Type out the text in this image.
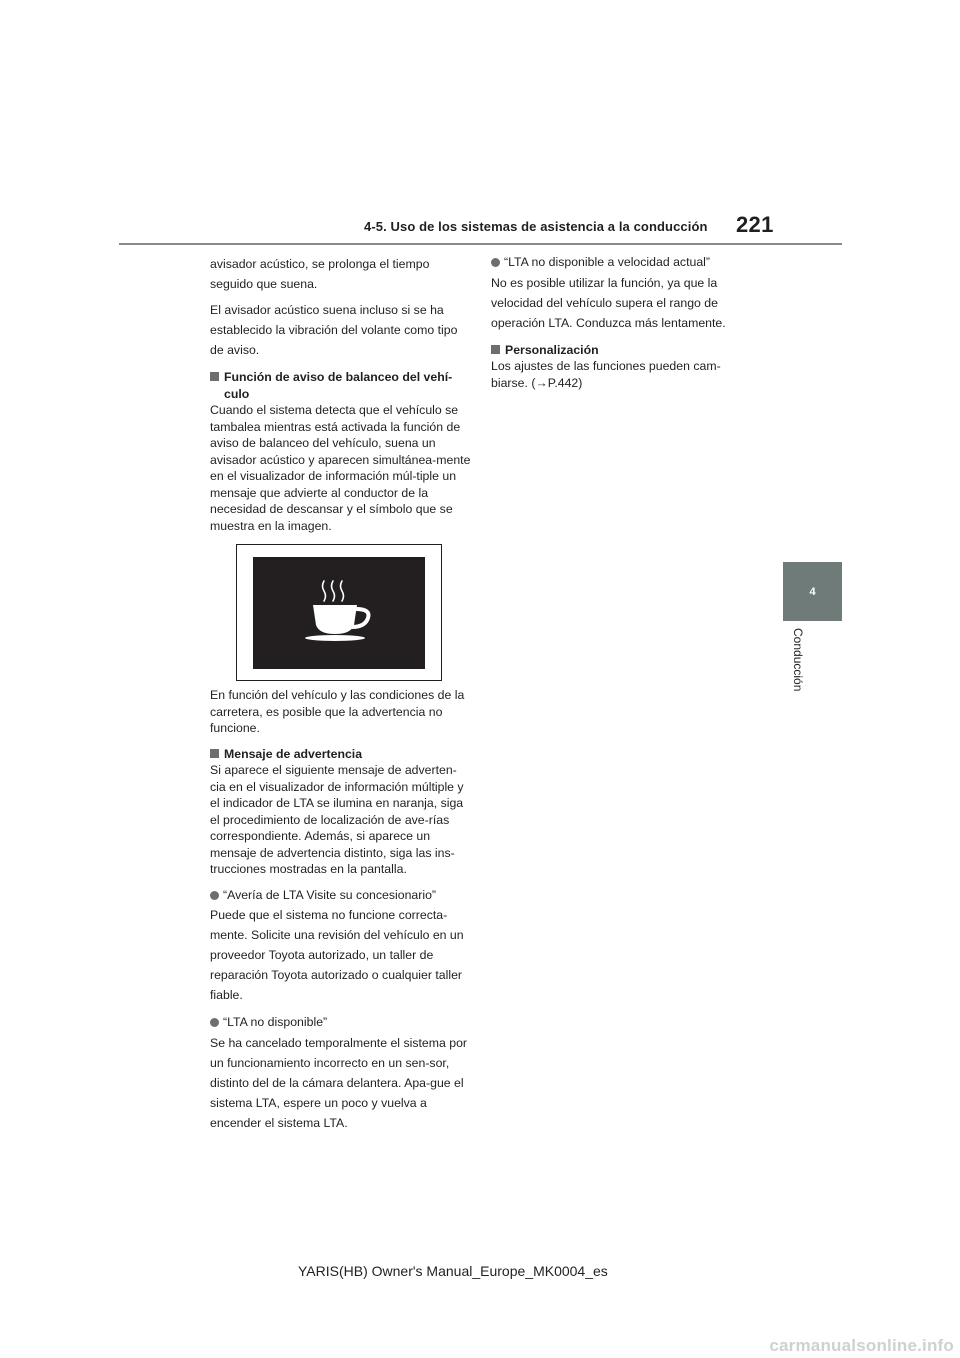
4-5. Uso de los sistemas de asistencia a la conducción 221
4
Conducción

avisador acústico, se prolonga el tiempo seguido que suena.

El avisador acústico suena incluso si se ha establecido la vibración del volante como tipo de aviso.

Función de aviso de balanceo del vehí-culo

Cuando el sistema detecta que el vehículo se tambalea mientras está activada la función de aviso de balanceo del vehículo, suena un avisador acústico y aparecen simultánea-mente en el visualizador de información múl-tiple un mensaje que advierte al conductor de la necesidad de descansar y el símbolo que se muestra en la imagen.

En función del vehículo y las condiciones de la carretera, es posible que la advertencia no funcione.

Mensaje de advertencia

Si aparece el siguiente mensaje de adverten-cia en el visualizador de información múltiple y el indicador de LTA se ilumina en naranja, siga el procedimiento de localización de ave-rías correspondiente. Además, si aparece un mensaje de advertencia distinto, siga las ins-trucciones mostradas en la pantalla.

“Avería de LTA Visite su concesionario”

Puede que el sistema no funcione correcta-mente. Solicite una revisión del vehículo en un proveedor Toyota autorizado, un taller de reparación Toyota autorizado o cualquier taller fiable.

“LTA no disponible”

Se ha cancelado temporalmente el sistema por un funcionamiento incorrecto en un sen-sor, distinto del de la cámara delantera. Apa-gue el sistema LTA, espere un poco y vuelva a encender el sistema LTA.

“LTA no disponible a velocidad actual”

No es posible utilizar la función, ya que la velocidad del vehículo supera el rango de operación LTA. Conduzca más lentamente.

Personalización

Los ajustes de las funciones pueden cam-biarse. (→P.442)

YARIS(HB) Owner's Manual_Europe_MK0004_es
carmanualsonline.info
